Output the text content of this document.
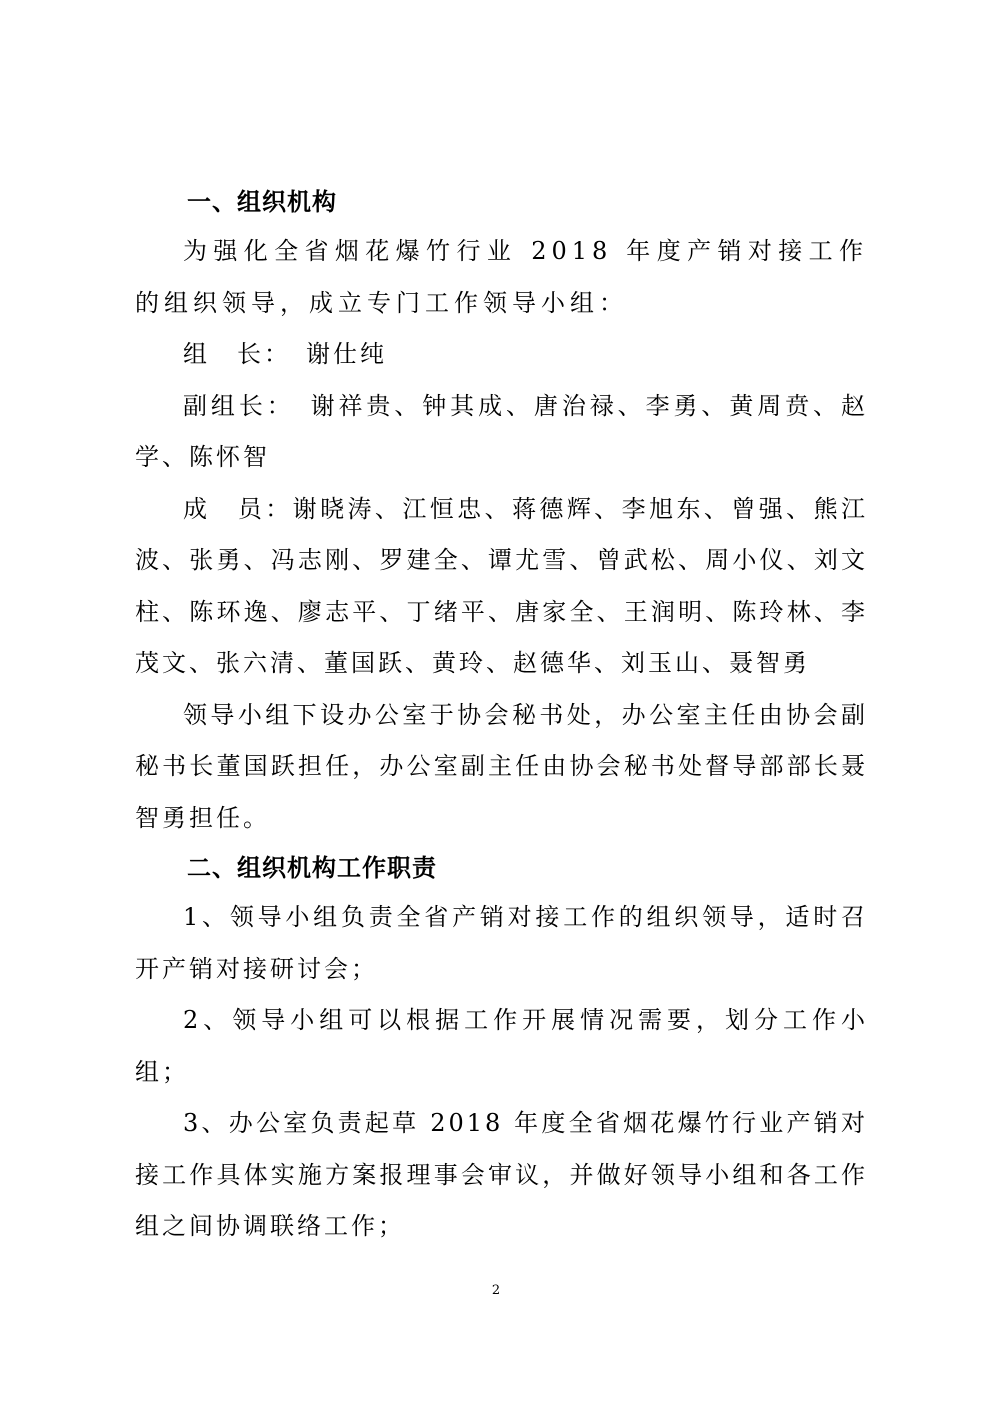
一、组织机构

为强化全省烟花爆竹行业 2018 年度产销对接工作的组织领导，成立专门工作领导小组：

组　长：　谢仕纯

副组长：　谢祥贵、钟其成、唐治禄、李勇、黄周贲、赵学、陈怀智

成　员：谢晓涛、江恒忠、蒋德辉、李旭东、曾强、熊江波、张勇、冯志刚、罗建全、谭尤雪、曾武松、周小仪、刘文柱、陈环逸、廖志平、丁绪平、唐家全、王润明、陈玲林、李茂文、张六清、董国跃、黄玲、赵德华、刘玉山、聂智勇

领导小组下设办公室于协会秘书处，办公室主任由协会副秘书长董国跃担任，办公室副主任由协会秘书处督导部部长聂智勇担任。

二、组织机构工作职责

1、领导小组负责全省产销对接工作的组织领导，适时召开产销对接研讨会；

2、领导小组可以根据工作开展情况需要，划分工作小组；

3、办公室负责起草 2018 年度全省烟花爆竹行业产销对接工作具体实施方案报理事会审议，并做好领导小组和各工作组之间协调联络工作；

2
